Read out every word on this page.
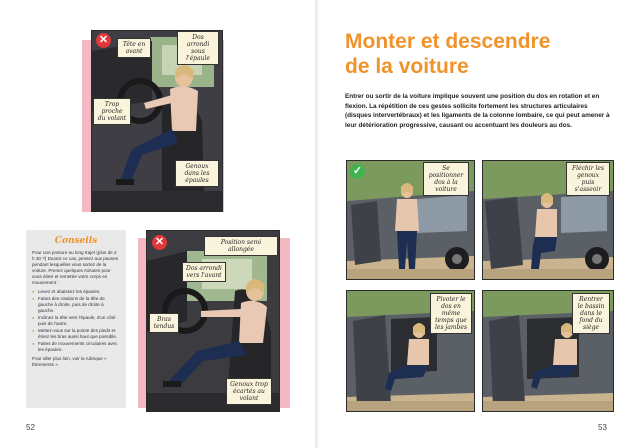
✕	Tête en avant
Dos arrondi sous l'épaule
Trop proche du volant
Genoux dans les épaules
Conseils

Pour une posture au long trajet (plus de 2 h 30 ?) Durant ce cas, pensez aux pauses pendant lesquelles vous sortez de la voiture. Prenez quelques minutes pour vous étirer et remettre votre corps en mouvement :

● Levez et abaissez les épaules.
● Faites des rotations de la tête de gauche à droite, puis de droite à gauche.
● Inclinez la tête vers l'épaule, d'un côté puis de l'autre.
● Mettez-vous sur la pointe des pieds et étirez les bras aussi haut que possible.
● Faites de mouvements circulaires avec les épaules.

Pour aller plus loin, voir la rubrique « Étirements ».

✕	Position semi allongée
Dos arrondi vers l'avant
Bras tendus
Genoux trop écartés au volant
52
Monter et descendre
de la voiture
Entrer ou sortir de la voiture implique souvent une position du dos en rotation et en flexion. La répétition de ces gestes sollicite fortement les structures articulaires (disques intervertébraux) et les ligaments de la colonne lombaire, ce qui peut amener à leur détérioration progressive, causant ou accentuant les douleurs au dos.
✓	Se positionner dos à la voiture
Fléchir les genoux puis s'asseoir
Pivoter le dos en même temps que les jambes
Rentrer le bassin dans le fond du siège
53
